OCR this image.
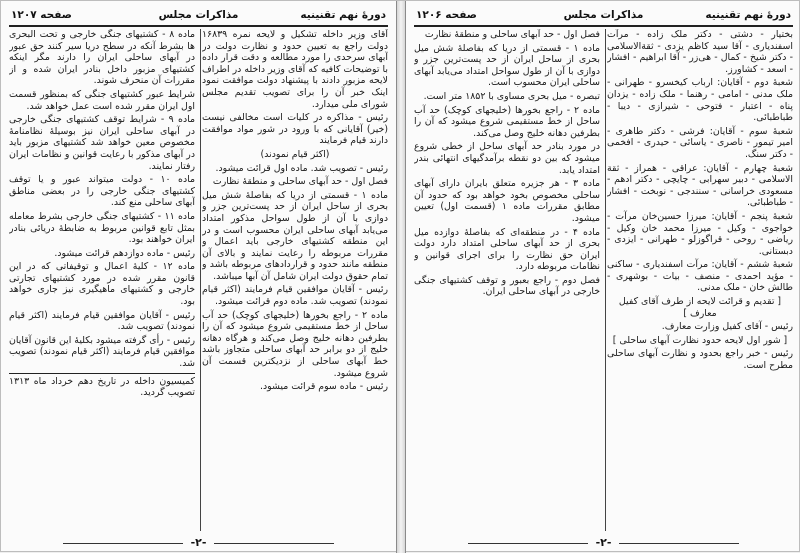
دورهٔ نهم تقنینیه
مذاکرات مجلس
صفحه ۱۲۰۷

آقای وزیر داخله تشکیل و لایحه نمره ۱۶۸۳۹ دولت راجع به تعیین حدود و نظارت دولت در آبهای سرحدی را مورد مطالعه و دقت قرار داده با توضیحات کافیه که آقای وزیر داخله در اطراف لایحه مزبور دادند با پیشنهاد دولت موافقت نمود اینک خبر آن را برای تصویب تقدیم مجلس شورای ملی میدارد.

رئیس - مذاکره در کلیات است مخالفی نیست (خیر) آقایانی که با ورود در شور مواد موافقت دارند قیام فرمایند

(اکثر قیام نمودند)

رئیس - تصویب شد. ماده اول قرائت میشود.

فصل اول - حد آبهای ساحلی و منطقهٔ نظارت

ماده ۱ - قسمتی از دریا که بفاصلهٔ شش میل بحری از ساحل ایران از حد پست‌ترین جزر و دوازی با آن از طول سواحل مذکور امتداد می‌یابد آبهای ساحلی ایران محسوب است و در این منطقه کشتیهای خارجی باید اعمال و مقررات مربوطه را رعایت نمایند و بالای آن منطقه مانند حدود و قراردادهای مربوطه باشد و تمام حقوق دولت ایران شامل آن آبها میباشد.

رئیس - آقایان موافقین قیام فرمایند (اکثر قیام نمودند) تصویب شد. ماده دوم قرائت میشود.

ماده ۲ - راجع بخورها (خلیجهای کوچک) حد آب ساحل از خط مستقیمی شروع میشود که آن را بطرفین دهانه خلیج وصل می‌کند و هرگاه دهانه خلیج از دو برابر حد آبهای ساحلی متجاوز باشد خط آبهای ساحلی از نزدیکترین قسمت آن شروع میشود.

رئیس - ماده سوم قرائت میشود.

ماده ۸ - کشتیهای جنگی خارجی و تحت البحری ها بشرط آنکه در سطح دریا سیر کنند حق عبور در آبهای ساحلی ایران را دارند مگر اینکه کشتیهای مزبور داخل بنادر ایران شده و از مقررات آن منحرف شوند.

شرایط عبور کشتیهای جنگی که بمنظور قسمت اول ایران مقرر شده است عمل خواهد شد.

ماده ۹ - شرایط توقف کشتیهای جنگی خارجی در آبهای ساحلی ایران نیز بوسیلهٔ نظامنامهٔ مخصوص معین خواهد شد کشتیهای مزبور باید در آبهای مذکور با رعایت قوانین و نظامات ایران رفتار نمایند.

ماده ۱۰ - دولت میتواند عبور و یا توقف کشتیهای جنگی خارجی را در بعضی مناطق آبهای ساحلی منع کند.

ماده ۱۱ - کشتیهای جنگی خارجی بشرط معامله بمثل تابع قوانین مربوط به ضابطهٔ دریائی بنادر ایران خواهند بود.

رئیس - ماده دوازدهم قرائت میشود.

ماده ۱۲ - کلیهٔ اعمال و توقیفاتی که در این قانون مقرر شده در مورد کشتیهای تجارتی خارجی و کشتیهای ماهیگیری نیز جاری خواهد بود.

رئیس - آقایان موافقین قیام فرمایند (اکثر قیام نمودند) تصویب شد.

رئیس - رأی گرفته میشود بکلیهٔ این قانون آقایان موافقین قیام فرمایند (اکثر قیام نمودند) تصویب شد.

کمیسیون داخله در تاریخ دهم خرداد ماه ۱۳۱۳ تصویب گردید.

-۲-
دورهٔ نهم تقنینیه
مذاکرات مجلس
صفحه ۱۲۰۶

بختیار - دشتی - دکتر ملک زاده - مرآت اسفندیاری - آقا سید کاظم یزدی - ثقةالاسلامی - دکتر شیخ - کمال - هی‌زر - آقا ابراهیم - افشار - اسعد - کشاورز.

شعبهٔ دوم - آقایان: ارباب کیخسرو - طهرانی - ملک مدنی - امامی - رهنما - ملک زاده - یزدان پناه - اعتبار - فتوحی - شیرازی - دیبا - طباطبائی.

شعبهٔ سوم - آقایان: فرشی - دکتر طاهری - امیر تیمور - ناصری - یاسائی - حیدری - افخمی - دکتر سنگ.

شعبهٔ چهارم - آقایان: عراقی - همراز - ثقة الاسلامی - دبیر سهرابی - چایچی - دکتر ادهم - مسعودی خراسانی - سنندجی - نوبخت - افشار - طباطبائی.

شعبهٔ پنجم - آقایان: میرزا حسین‌خان مرآت - خواجوی - وکیل - میرزا محمد خان وکیل - ریاضی - روحی - قراگوزلو - طهرانی - ایزدی - دبستانی.

شعبهٔ ششم - آقایان: مرآت اسفندیاری - ساکنی - مؤید احمدی - منصف - بیات - بوشهری - طالش خان - ملک مدنی.

[ تقدیم و قرائت لایحه از طرف آقای کفیل معارف ]

رئیس - آقای کفیل وزارت معارف.

[ شور اول لایحه حدود نظارت آبهای ساحلی ]

رئیس - خبر راجع بحدود و نظارت آبهای ساحلی مطرح است.

فصل اول - حد آبهای ساحلی و منطقهٔ نظارت

ماده ۱ - قسمتی از دریا که بفاصلهٔ شش میل بحری از ساحل ایران از حد پست‌ترین جزر و دوازی با آن از طول سواحل امتداد می‌یابد آبهای ساحلی ایران محسوب است.

تبصره - میل بحری مساوی با ۱۸۵۲ متر است.

ماده ۲ - راجع بخورها (خلیجهای کوچک) حد آب ساحل از خط مستقیمی شروع میشود که آن را بطرفین دهانه خلیج وصل می‌کند.

در مورد بنادر حد آبهای ساحل از خطی شروع میشود که بین دو نقطه برآمدگیهای انتهائی بندر امتداد یابد.

ماده ۳ - هر جزیره متعلق بایران دارای آبهای ساحلی مخصوص بخود خواهد بود که حدود آن مطابق مقررات ماده ۱ (قسمت اول) تعیین میشود.

ماده ۴ - در منطقه‌ای که بفاصلهٔ دوازده میل بحری از حد آبهای ساحلی امتداد دارد دولت ایران حق نظارت را برای اجرای قوانین و نظامات مربوطه دارد.

فصل دوم - راجع بعبور و توقف کشتیهای جنگی خارجی در آبهای ساحلی ایران.

-۲-
